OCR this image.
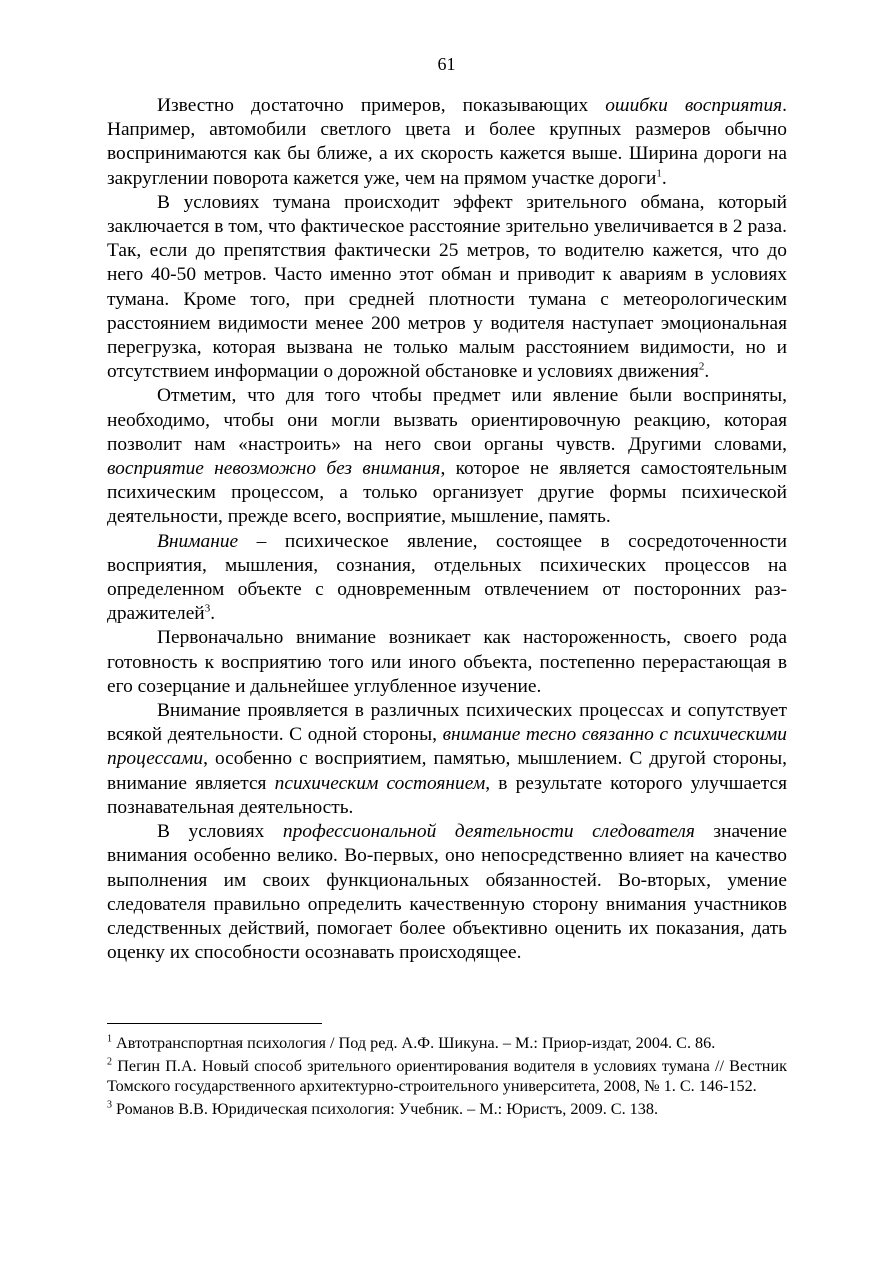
61

Известно достаточно примеров, показывающих ошибки восприятия. Например, автомобили светлого цвета и более крупных размеров обычно воспринимаются как бы ближе, а их скорость кажется выше. Ширина дороги на закруглении поворота кажется уже, чем на прямом участке дороги$^1$.

В условиях тумана происходит эффект зрительного обмана, который заключается в том, что фактическое расстояние зрительно увеличивается в 2 раза. Так, если до препятствия фактически 25 метров, то водителю кажется, что до него 40-50 метров. Часто именно этот обман и приводит к авариям в условиях тумана. Кроме того, при средней плотности тумана с метеорологическим расстоянием видимости менее 200 метров у водителя наступает эмоциональная перегрузка, которая вызвана не только малым расстоянием видимости, но и отсутствием информации о дорожной обстановке и условиях движения$^2$.

Отметим, что для того чтобы предмет или явление были восприняты, необходимо, чтобы они могли вызвать ориентировочную реакцию, которая позволит нам «настроить» на него свои органы чувств. Другими словами, восприятие невозможно без внимания, которое не является самостоятельным психическим процессом, а только организует другие формы психической деятельности, прежде всего, восприятие, мышление, память.

Внимание – психическое явление, состоящее в сосредоточенности восприятия, мышления, сознания, отдельных психических процессов на определенном объекте с одновременным отвлечением от посторонних раздражителей$^3$.

Первоначально внимание возникает как настороженность, своего рода готовность к восприятию того или иного объекта, постепенно перерастающая в его созерцание и дальнейшее углубленное изучение.

Внимание проявляется в различных психических процессах и сопутствует всякой деятельности. С одной стороны, внимание тесно связанно с психическими процессами, особенно с восприятием, памятью, мышлением. С другой стороны, внимание является психическим состоянием, в результате которого улучшается познавательная деятельность.

В условиях профессиональной деятельности следователя значение внимания особенно велико. Во-первых, оно непосредственно влияет на качество выполнения им своих функциональных обязанностей. Во-вторых, умение следователя правильно определить качественную сторону внимания участников следственных действий, помогает более объективно оценить их показания, дать оценку их способности осознавать происходящее.

$^1$ Автотранспортная психология / Под ред. А.Ф. Шикуна. – М.: Приор-издат, 2004. С. 86.

$^2$ Пегин П.А. Новый способ зрительного ориентирования водителя в условиях тумана // Вестник Томского государственного архитектурно-строительного университета, 2008, № 1. С. 146-152.

$^3$ Романов В.В. Юридическая психология: Учебник. – М.: Юристъ, 2009. С. 138.
